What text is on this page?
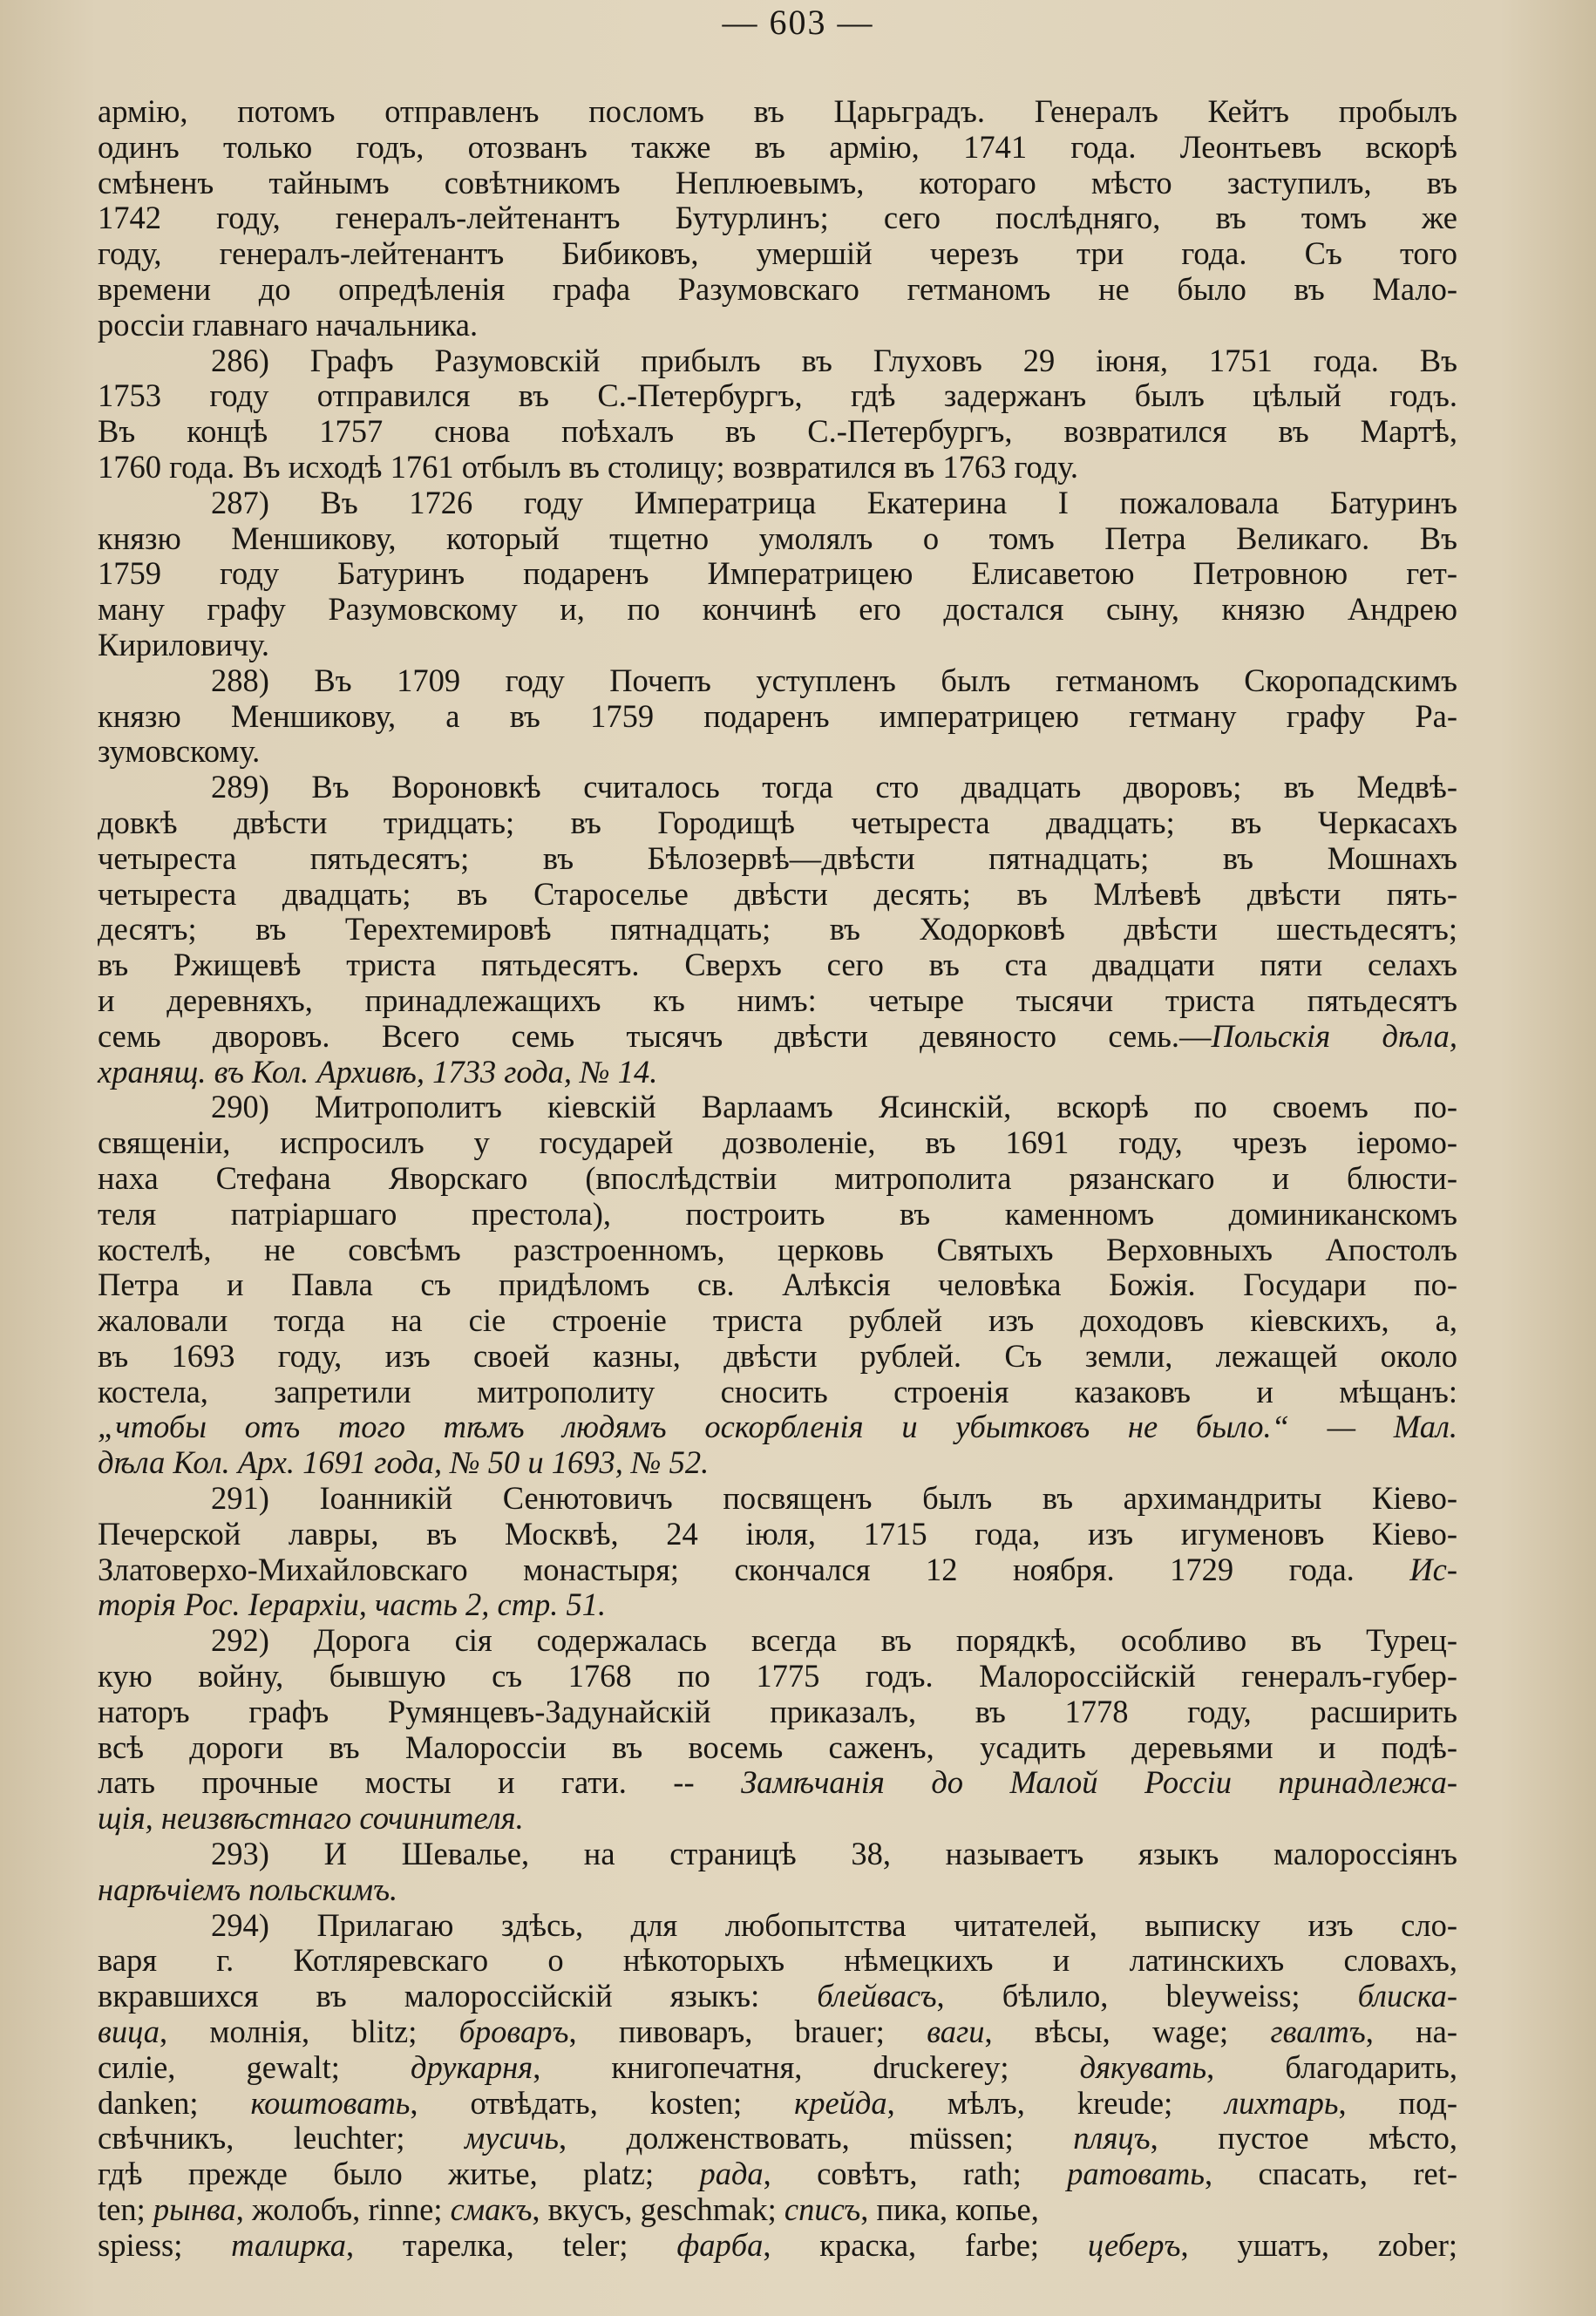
— 603 —
армію, потомъ отправленъ посломъ въ Царьградъ. Генералъ Кейтъ пробылъ
одинъ только годъ, отозванъ также въ армію, 1741 года. Леонтьевъ вскорѣ
смѣненъ тайнымъ совѣтникомъ Неплюевымъ, котораго мѣсто заступилъ, въ
1742 году, генералъ-лейтенантъ Бутурлинъ; сего послѣдняго, въ томъ же
году, генералъ-лейтенантъ Бибиковъ, умершій черезъ три года. Съ того
времени до опредѣленія графа Разумовскаго гетманомъ не было въ Мало-
россіи главнаго начальника.
286) Графъ Разумовскій прибылъ въ Глуховъ 29 іюня, 1751 года. Въ
1753 году отправился въ С.-Петербургъ, гдѣ задержанъ былъ цѣлый годъ.
Въ концѣ 1757 снова поѣхалъ въ С.-Петербургъ, возвратился въ Мартѣ,
1760 года. Въ исходѣ 1761 отбылъ въ столицу; возвратился въ 1763 году.
287) Въ 1726 году Императрица Екатерина I пожаловала Батуринъ
князю Меншикову, который тщетно умолялъ о томъ Петра Великаго. Въ
1759 году Батуринъ подаренъ Императрицею Елисаветою Петровною гет-
ману графу Разумовскому и, по кончинѣ его достался сыну, князю Андрею
Кириловичу.
288) Въ 1709 году Почепъ уступленъ былъ гетманомъ Скоропадскимъ
князю Меншикову, а въ 1759 подаренъ императрицею гетману графу Ра-
зумовскому.
289) Въ Вороновкѣ считалось тогда сто двадцать дворовъ; въ Медвѣ-
довкѣ двѣсти тридцать; въ Городищѣ четыреста двадцать; въ Черкасахъ
четыреста пятьдесятъ; въ Бѣлозервѣ—двѣсти пятнадцать; въ Мошнахъ
четыреста двадцать; въ Староселье двѣсти десять; въ Млѣевѣ двѣсти пять-
десятъ; въ Терехтемировѣ пятнадцать; въ Ходорковѣ двѣсти шестьдесятъ;
въ Ржищевѣ триста пятьдесятъ. Сверхъ сего въ ста двадцати пяти селахъ
и деревняхъ, принадлежащихъ къ нимъ: четыре тысячи триста пятьдесятъ
семь дворовъ. Всего семь тысячъ двѣсти девяносто семь.—Польскія дѣла,
хранящ. въ Кол. Архивѣ, 1733 года, № 14.
290) Митрополитъ кіевскій Варлаамъ Ясинскій, вскорѣ по своемъ по-
священіи, испросилъ у государей дозволеніе, въ 1691 году, чрезъ іеромо-
наха Стефана Яворскаго (впослѣдствіи митрополита рязанскаго и блюсти-
теля патріаршаго престола), построить въ каменномъ доминиканскомъ
костелѣ, не совсѣмъ разстроенномъ, церковь Святыхъ Верховныхъ Апостолъ
Петра и Павла съ придѣломъ св. Алѣксія человѣка Божія. Государи по-
жаловали тогда на сіе строеніе триста рублей изъ доходовъ кіевскихъ, а,
въ 1693 году, изъ своей казны, двѣсти рублей. Съ земли, лежащей около
костела, запретили митрополиту сносить строенія казаковъ и мѣщанъ:
„чтобы отъ того тѣмъ людямъ оскорбленія и убытковъ не было.“ — Мал.
дѣла Кол. Арх. 1691 года, № 50 и 1693, № 52.
291) Іоанникій Сенютовичъ посвященъ былъ въ архимандриты Кіево-
Печерской лавры, въ Москвѣ, 24 іюля, 1715 года, изъ игуменовъ Кіево-
Златоверхо-Михайловскаго монастыря; скончался 12 ноября. 1729 года. Ис-
торія Рос. Іерархіи, часть 2, стр. 51.
292) Дорога сія содержалась всегда въ порядкѣ, особливо въ Турец-
кую войну, бывшую съ 1768 по 1775 годъ. Малороссійскій генералъ-губер-
наторъ графъ Румянцевъ-Задунайскій приказалъ, въ 1778 году, расширить
всѣ дороги въ Малороссіи въ восемь саженъ, усадить деревьями и подѣ-
лать прочные мосты и гати. -- Замѣчанія до Малой Россіи принадлежа-
щія, неизвѣстнаго сочинителя.
293) И Шевалье, на страницѣ 38, называетъ языкъ малороссіянъ
нарѣчіемъ польскимъ.
294) Прилагаю здѣсь, для любопытства читателей, выписку изъ сло-
варя г. Котляревскаго о нѣкоторыхъ нѣмецкихъ и латинскихъ словахъ,
вкравшихся въ малороссійскій языкъ: блейвасъ, бѣлило, bleyweiss; блиска-
вица, молнія, blitz; броваръ, пивоваръ, brauer; ваги, вѣсы, wage; гвалтъ, на-
силіе, gewalt; друкарня, книгопечатня, druckerey; дякувать, благодарить,
danken; коштовать, отвѣдать, kosten; крейда, мѣлъ, kreude; лихтарь, под-
свѣчникъ, leuchter; мусичь, долженствовать, müssen; пляцъ, пустое мѣсто,
гдѣ прежде было житье, platz; рада, совѣтъ, rath; ратовать, спасать, ret-
ten; рынва, жолобъ, rinne; смакъ, вкусъ, geschmak; списъ, пика, копье,
spiess; талирка, тарелка, teler; фарба, краска, farbe; цеберъ, ушатъ, zober;
